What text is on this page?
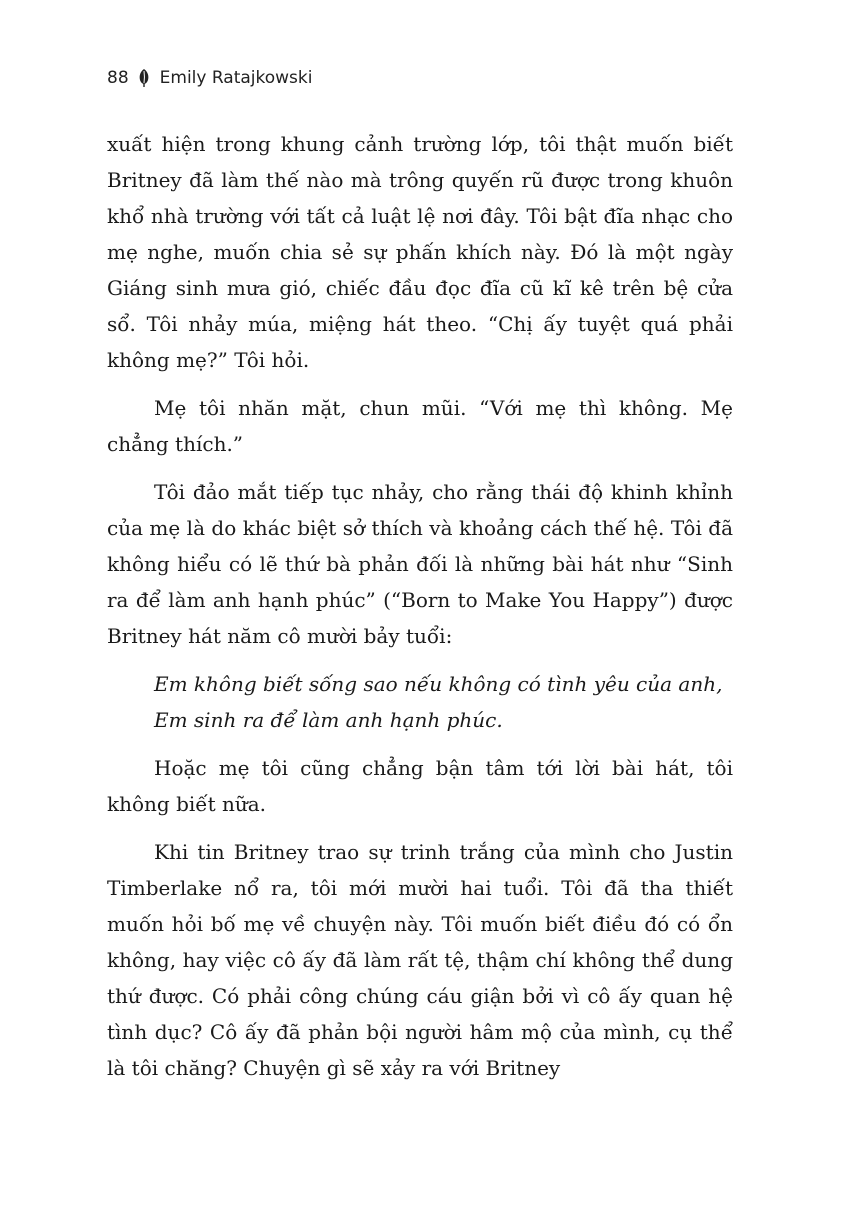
88 Emily Ratajkowski

xuất hiện trong khung cảnh trường lớp, tôi thật muốn biết Britney đã làm thế nào mà trông quyến rũ được trong khuôn khổ nhà trường với tất cả luật lệ nơi đây. Tôi bật đĩa nhạc cho mẹ nghe, muốn chia sẻ sự phấn khích này. Đó là một ngày Giáng sinh mưa gió, chiếc đầu đọc đĩa cũ kĩ kê trên bệ cửa sổ. Tôi nhảy múa, miệng hát theo. “Chị ấy tuyệt quá phải không mẹ?” Tôi hỏi.

Mẹ tôi nhăn mặt, chun mũi. “Với mẹ thì không. Mẹ chẳng thích.”

Tôi đảo mắt tiếp tục nhảy, cho rằng thái độ khinh khỉnh của mẹ là do khác biệt sở thích và khoảng cách thế hệ. Tôi đã không hiểu có lẽ thứ bà phản đối là những bài hát như “Sinh ra để làm anh hạnh phúc” (“Born to Make You Happy”) được Britney hát năm cô mười bảy tuổi:

Em không biết sống sao nếu không có tình yêu của anh,
Em sinh ra để làm anh hạnh phúc.

Hoặc mẹ tôi cũng chẳng bận tâm tới lời bài hát, tôi không biết nữa.

Khi tin Britney trao sự trinh trắng của mình cho Justin Timberlake nổ ra, tôi mới mười hai tuổi. Tôi đã tha thiết muốn hỏi bố mẹ về chuyện này. Tôi muốn biết điều đó có ổn không, hay việc cô ấy đã làm rất tệ, thậm chí không thể dung thứ được. Có phải công chúng cáu giận bởi vì cô ấy quan hệ tình dục? Cô ấy đã phản bội người hâm mộ của mình, cụ thể là tôi chăng? Chuyện gì sẽ xảy ra với Britney
